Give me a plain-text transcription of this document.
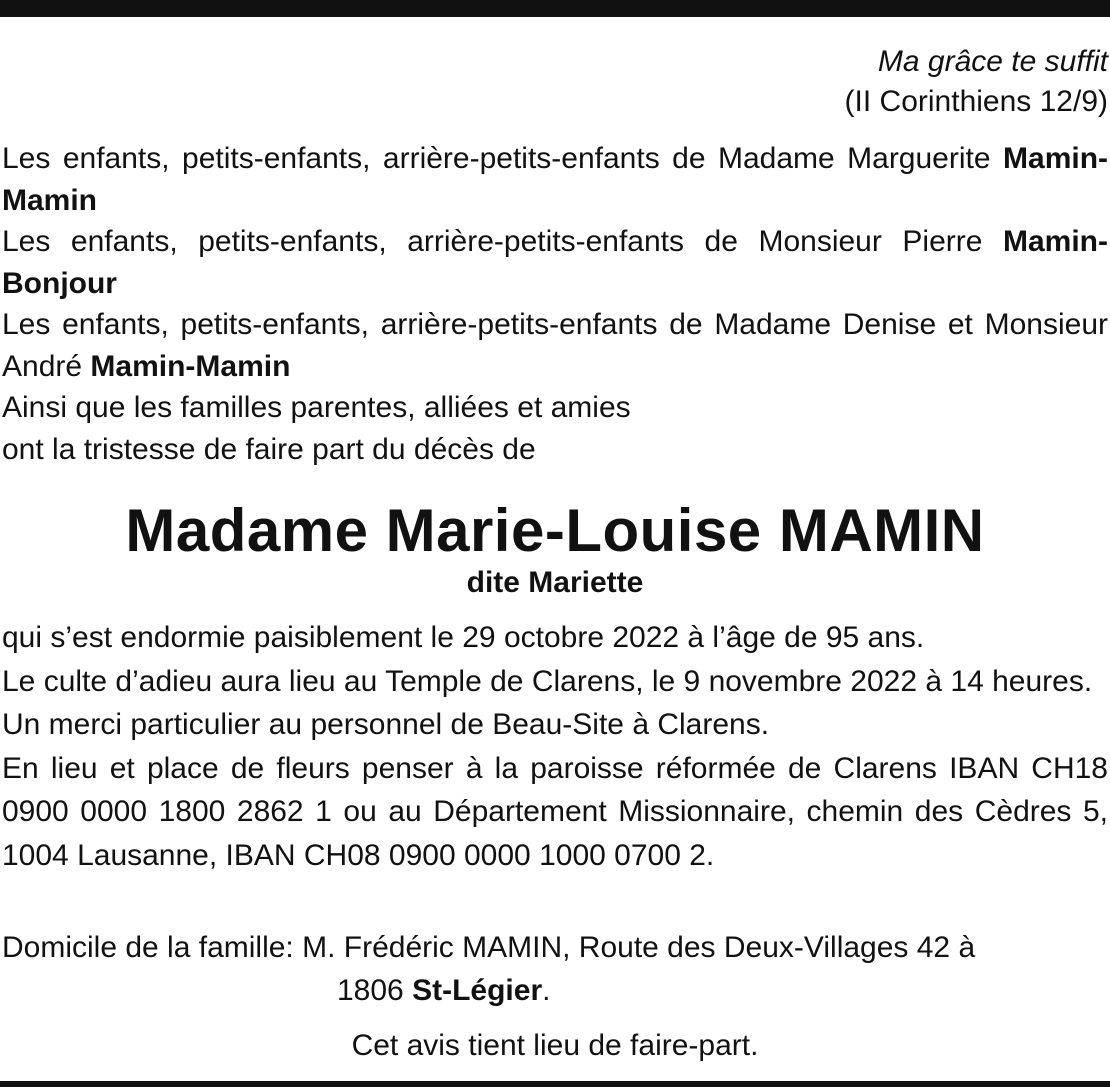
Ma grâce te suffit
(II Corinthiens 12/9)

Les enfants, petits-enfants, arrière-petits-enfants de Madame Marguerite Mamin-Mamin

Les enfants, petits-enfants, arrière-petits-enfants de Monsieur Pierre Mamin-Bonjour

Les enfants, petits-enfants, arrière-petits-enfants de Madame Denise et Monsieur André Mamin-Mamin

Ainsi que les familles parentes, alliées et amies

ont la tristesse de faire part du décès de

Madame Marie-Louise MAMIN
dite Mariette

qui s’est endormie paisiblement le 29 octobre 2022 à l’âge de 95 ans.

Le culte d’adieu aura lieu au Temple de Clarens, le 9 novembre 2022 à 14 heures.

Un merci particulier au personnel de Beau-Site à Clarens.

En lieu et place de fleurs penser à la paroisse réformée de Clarens IBAN CH18 0900 0000 1800 2862 1 ou au Département Missionnaire, chemin des Cèdres 5, 1004 Lausanne, IBAN CH08 0900 0000 1000 0700 2.

Domicile de la famille: M. Frédéric MAMIN, Route des Deux-Villages 42 à
1806 St-Légier.
Cet avis tient lieu de faire-part.
